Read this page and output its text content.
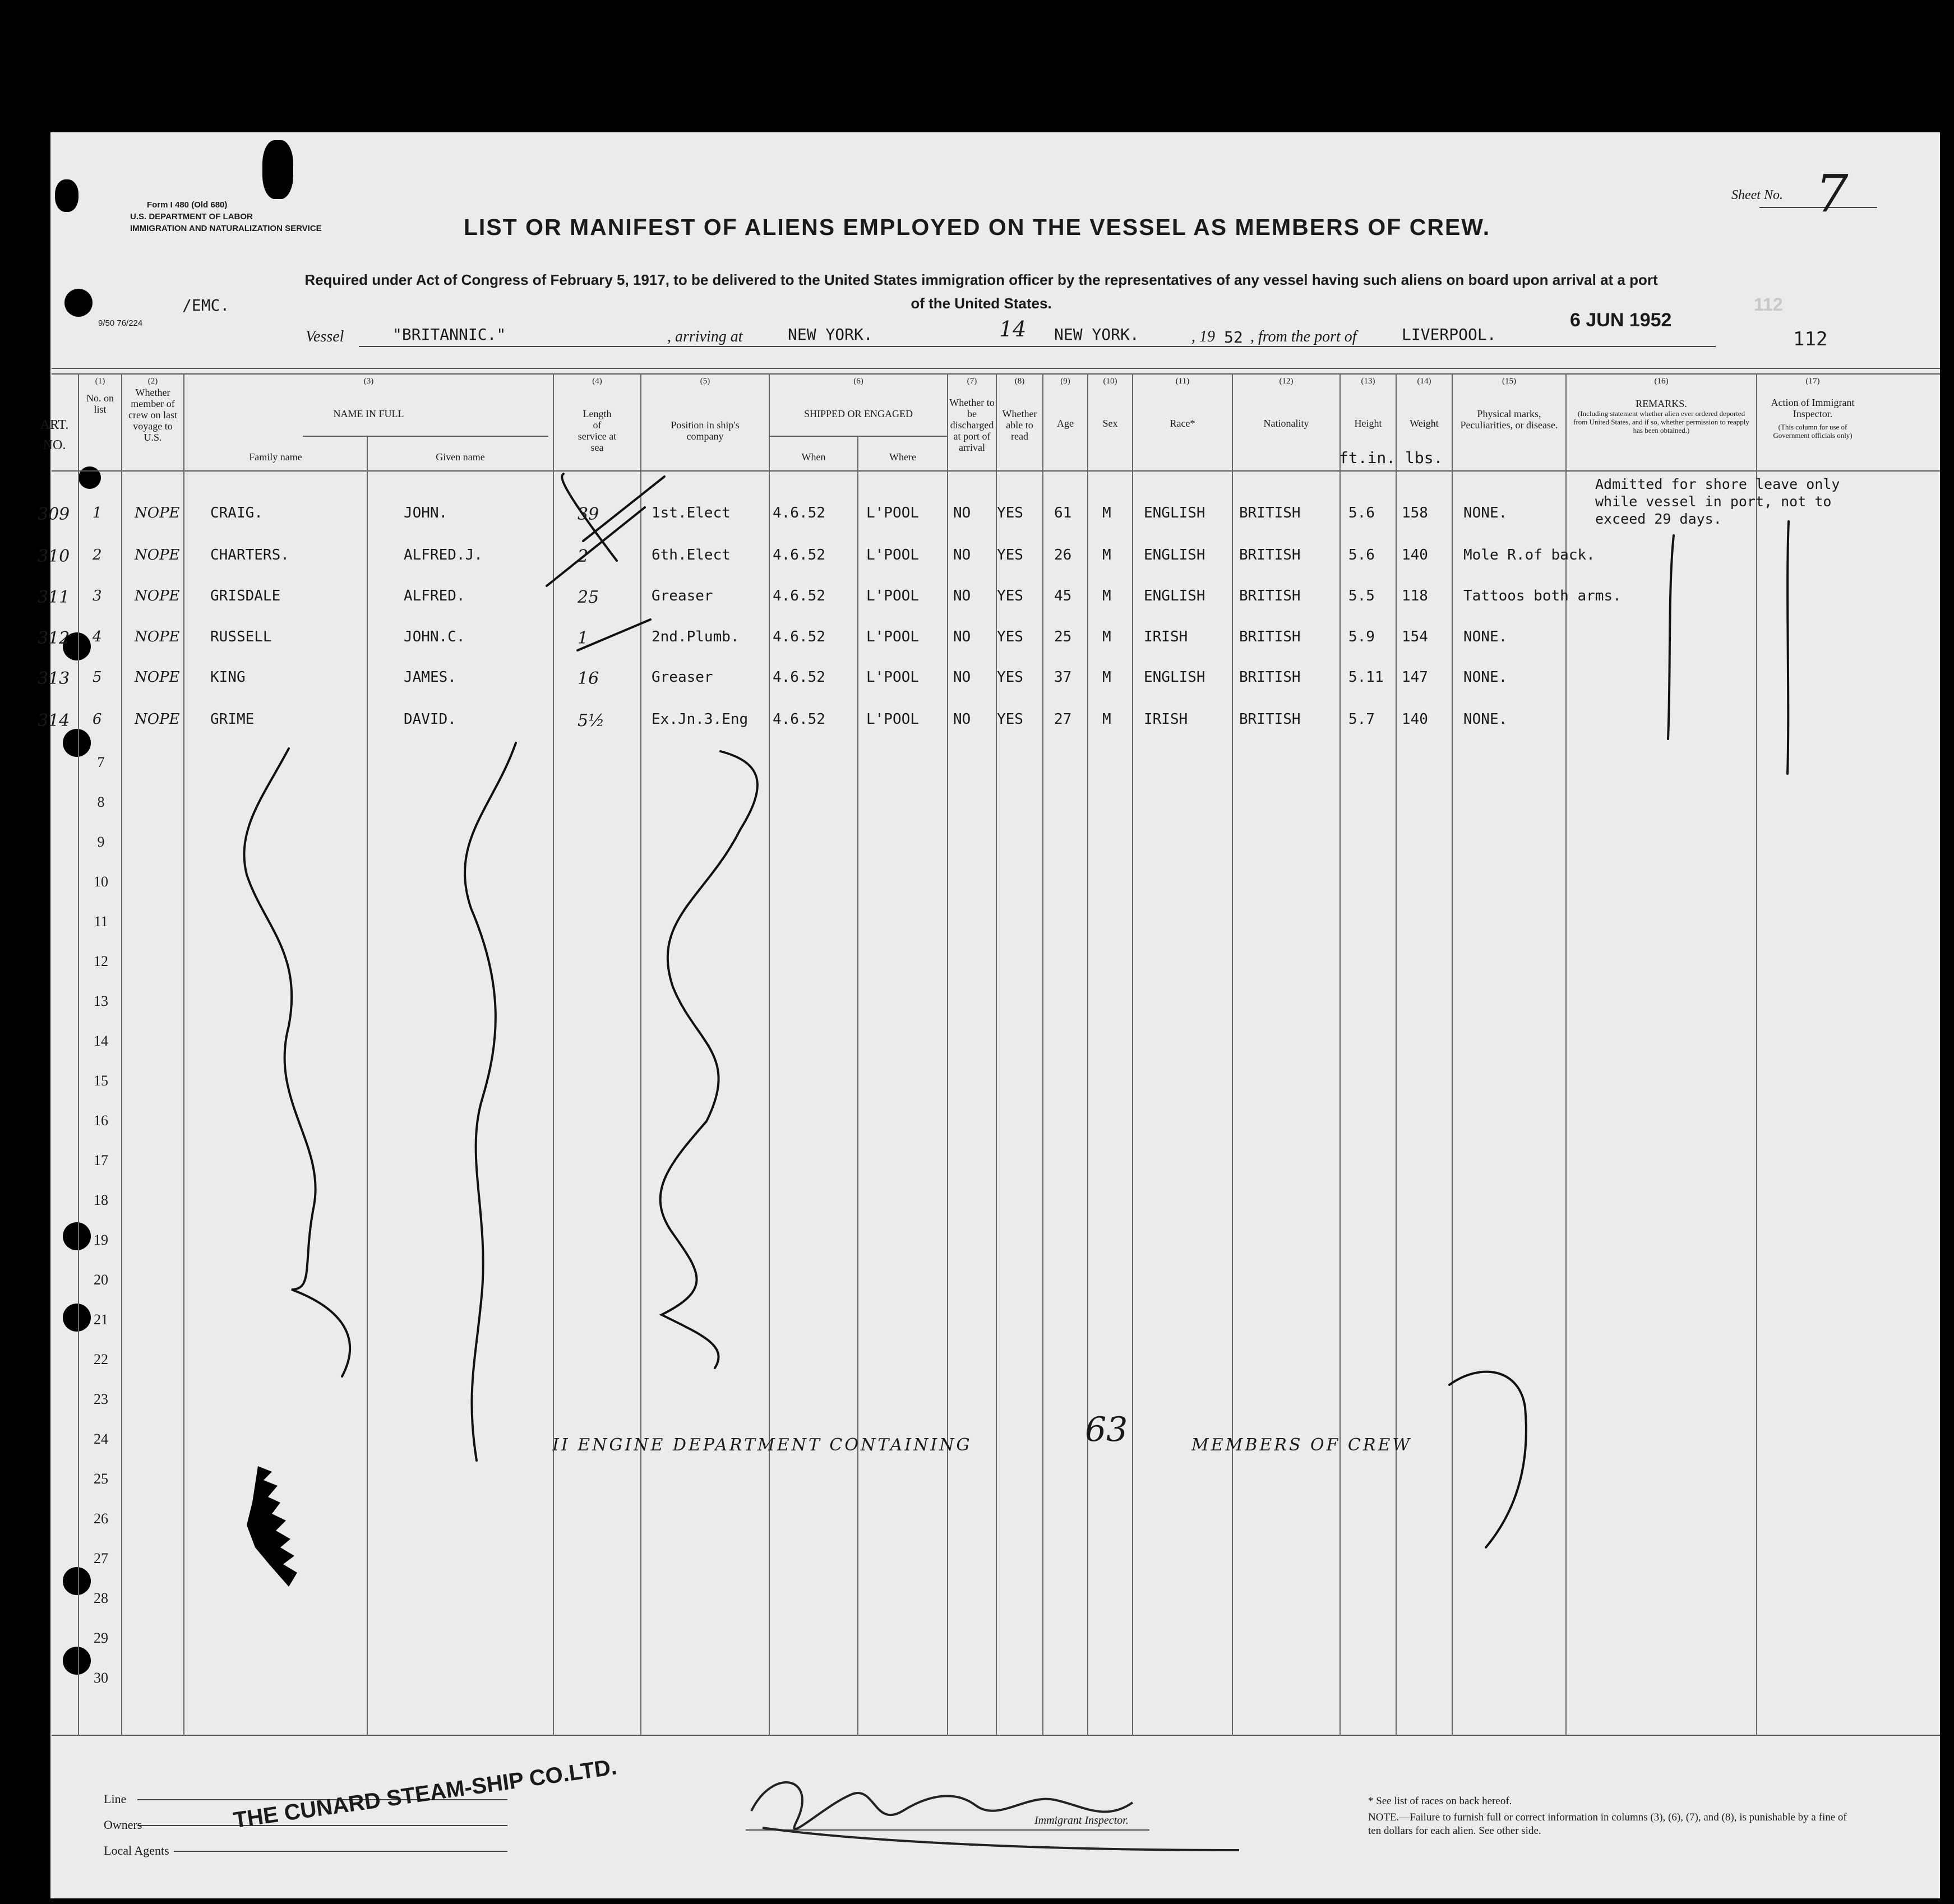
Form I 480 (Old 680)
U.S. DEPARTMENT OF LABOR
IMMIGRATION AND NATURALIZATION SERVICE
9/50 76/224
/EMC.
Sheet No. 7
LIST OR MANIFEST OF ALIENS EMPLOYED ON THE VESSEL AS MEMBERS OF CREW.
Required under Act of Congress of February 5, 1917, to be delivered to the United States immigration officer by the representatives of any vessel having such aliens on board upon arrival at a port of the United States.
Vessel	"BRITANNIC."	, arriving at	NEW YORK.	14 NEW YORK.	, 19 52 , from the port of	LIVERPOOL.
6 JUN 1952
112
112
ART. NO.
(1)
No. on list
(2)
Whether member of crew on last voyage to U.S.
(3)
NAME IN FULL
Family name	Given name
(4)
Length of service at sea
(5)
Position in ship's company
(6)
SHIPPED OR ENGAGED
When	Where
(7)
Whether to be discharged at port of arrival
(8)
Whether able to read
(9)
Age
(10)
Sex
(11)
Race*
(12)
Nationality
(13)
Height
(14)
Weight
(15)
Physical marks, Peculiarities, or disease.
(16)
REMARKS.
(Including statement whether alien ever ordered deported from United States, and if so, whether permission to reapply has been obtained.)
(17)
Action of Immigrant Inspector.
(This column for use of Government officials only)
ft.in. lbs.
Admitted for shore leave only while vessel in port, not to exceed 29 days.
309 1 NOPE CRAIG.	JOHN.	39	1st.Elect	4.6.52	L'POOL NO YES 61 M ENGLISH BRITISH	5.6 158 NONE.
310 2 NOPE CHARTERS.	ALFRED.J.	2	6th.Elect	4.6.52	L'POOL NO YES 26 M ENGLISH BRITISH	5.6 140 Mole R.of back.
311 3 NOPE GRISDALE	ALFRED.	25	Greaser	4.6.52	L'POOL NO YES 45 M ENGLISH BRITISH	5.5 118 Tattoos both arms.
312 4 NOPE RUSSELL	JOHN.C.	1	2nd.Plumb. 4.6.52	L'POOL NO YES 25 M IRISH	BRITISH	5.9 154 NONE.
313 5 NOPE KING	JAMES.	16	Greaser	4.6.52	L'POOL NO YES 37 M ENGLISH BRITISH	5.11 147 NONE.
314 6 NOPE GRIME	DAVID.	5½	Ex.Jn.3.Eng 4.6.52	L'POOL NO YES 27 M IRISH	BRITISH	5.7 140 NONE.
7
8
9
10
11
12
13
14
15
16
17
18
19
20
21
22
23
24
25
26
27
28
29
30
II ENGINE DEPARTMENT CONTAINING	63	MEMBERS OF CREW
Line
Owners
Local Agents
THE CUNARD STEAM-SHIP CO.LTD.	Immigrant Inspector.
* See list of races on back hereof.
NOTE.—Failure to furnish full or correct information in columns (3), (6), (7), and (8), is punishable by a fine of ten dollars for each alien. See other side.
